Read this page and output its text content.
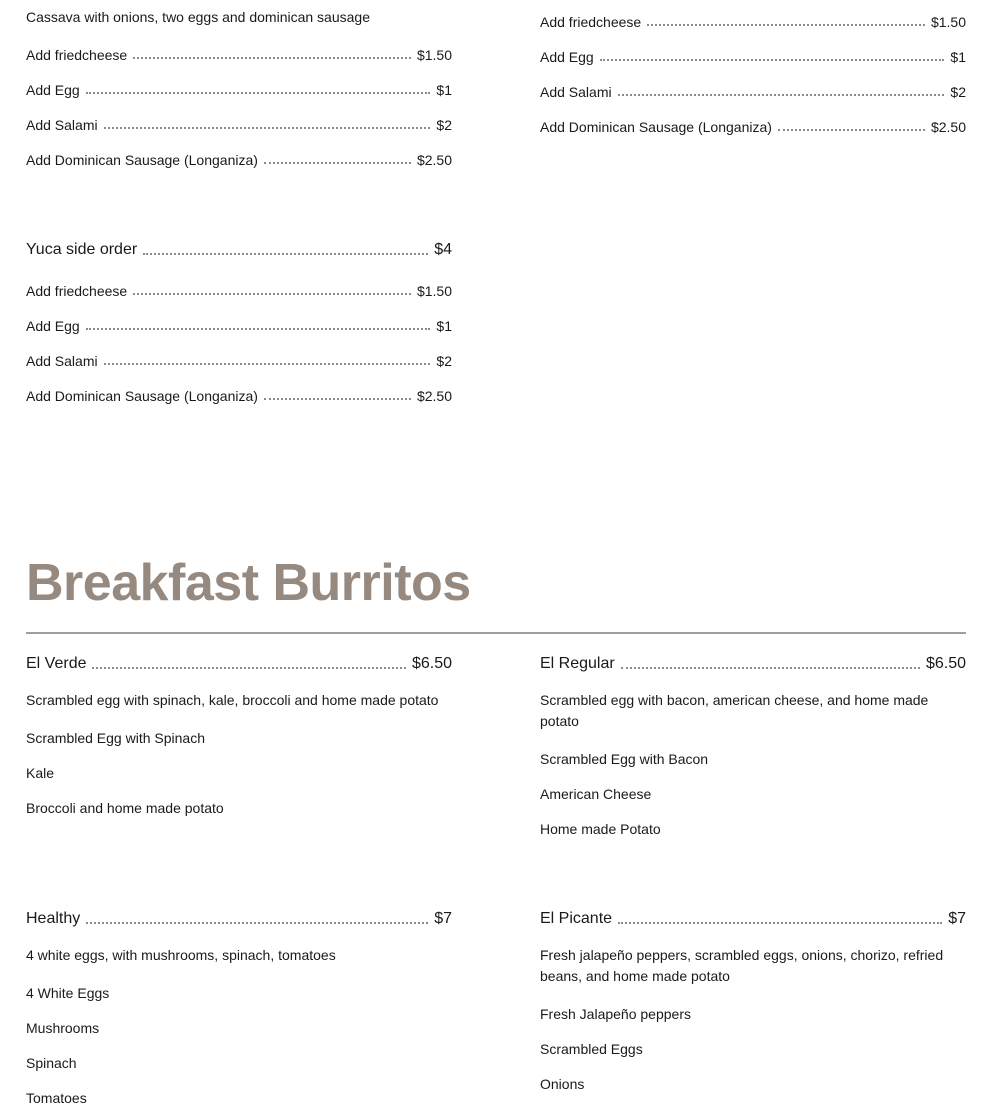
Cassava with onions, two eggs and dominican sausage
Add friedcheese	$1.50
Add Egg	$1
Add Salami	$2
Add Dominican Sausage (Longaniza)	$2.50
Add friedcheese	$1.50
Add Egg	$1
Add Salami	$2
Add Dominican Sausage (Longaniza)	$2.50
Yuca side order	$4
Add friedcheese	$1.50
Add Egg	$1
Add Salami	$2
Add Dominican Sausage (Longaniza)	$2.50
Breakfast Burritos
El Verde	$6.50
Scrambled egg with spinach, kale, broccoli and home made potato
Scrambled Egg with Spinach
Kale
Broccoli and home made potato
El Regular	$6.50
Scrambled egg with bacon, american cheese, and home made potato
Scrambled Egg with Bacon
American Cheese
Home made Potato
Healthy	$7
4 white eggs, with mushrooms, spinach, tomatoes
4 White Eggs
Mushrooms
Spinach
Tomatoes
El Picante	$7
Fresh jalapeño peppers, scrambled eggs, onions, chorizo, refried beans, and home made potato
Fresh Jalapeño peppers
Scrambled Eggs
Onions
